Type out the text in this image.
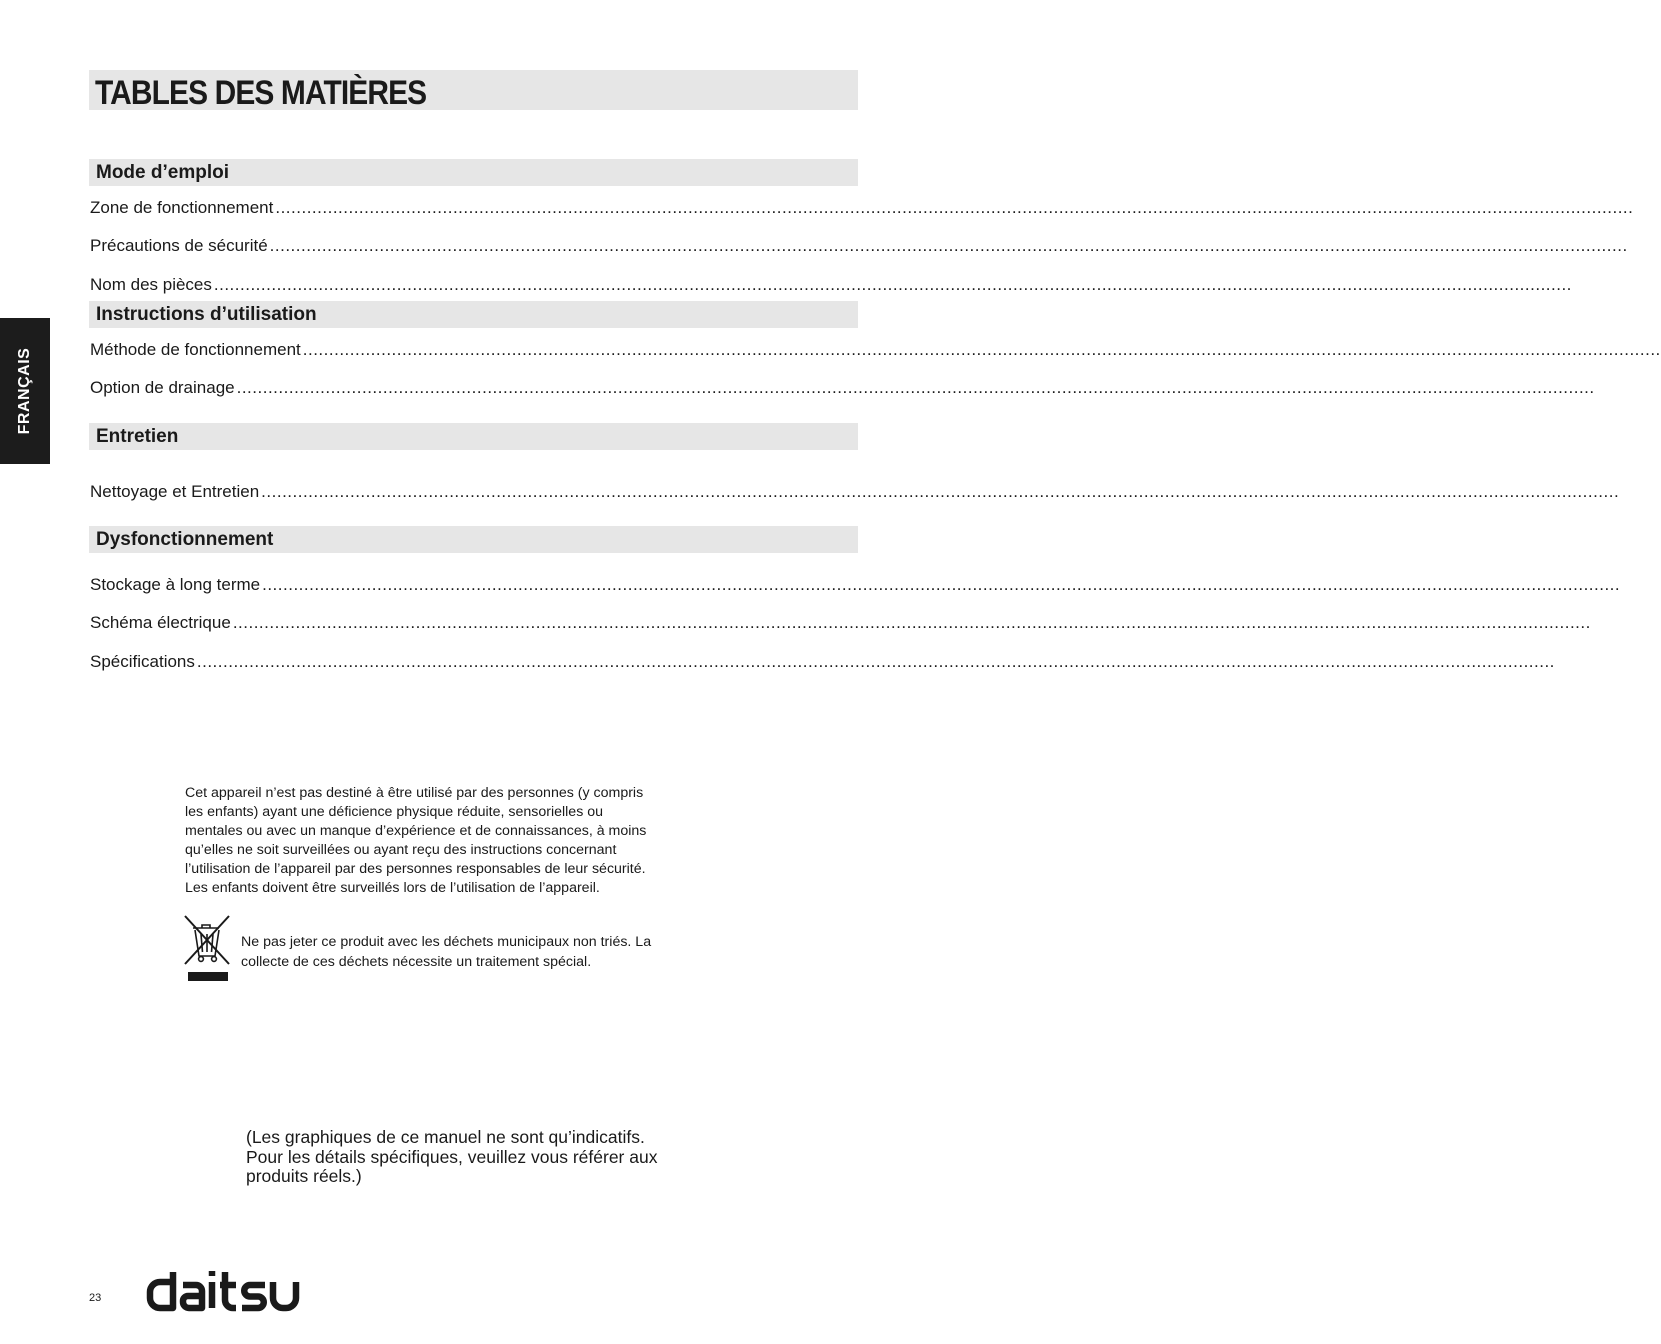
TABLES DES MATIÈRES
Mode d’emploi
Zone de fonctionnement ....................................................................................................................................................................................................................................................................
Précautions de sécurité ....................................................................................................................................................................................................................................................................
Nom des pièces ....................................................................................................................................................................................................................................................................
Instructions d’utilisation
Méthode de fonctionnement ....................................................................................................................................................................................................................................................................
Option de drainage ....................................................................................................................................................................................................................................................................
Entretien
Nettoyage et Entretien ....................................................................................................................................................................................................................................................................
Dysfonctionnement
Stockage à long terme ....................................................................................................................................................................................................................................................................
Schéma électrique ....................................................................................................................................................................................................................................................................
Spécifications ....................................................................................................................................................................................................................................................................
FRANÇAIS

Cet appareil n’est pas destiné à être utilisé par des personnes (y compris
les enfants) ayant une déficience physique réduite, sensorielles ou
mentales ou avec un manque d’expérience et de connaissances, à moins
qu’elles ne soit surveillées ou ayant reçu des instructions concernant
l’utilisation de l’appareil par des personnes responsables de leur sécurité.
Les enfants doivent être surveillés lors de l’utilisation de l’appareil.

Ne pas jeter ce produit avec les déchets municipaux non triés. La
collecte de ces déchets nécessite un traitement spécial.

(Les graphiques de ce manuel ne sont qu’indicatifs.
Pour les détails spécifiques, veuillez vous référer aux
produits réels.)

23
